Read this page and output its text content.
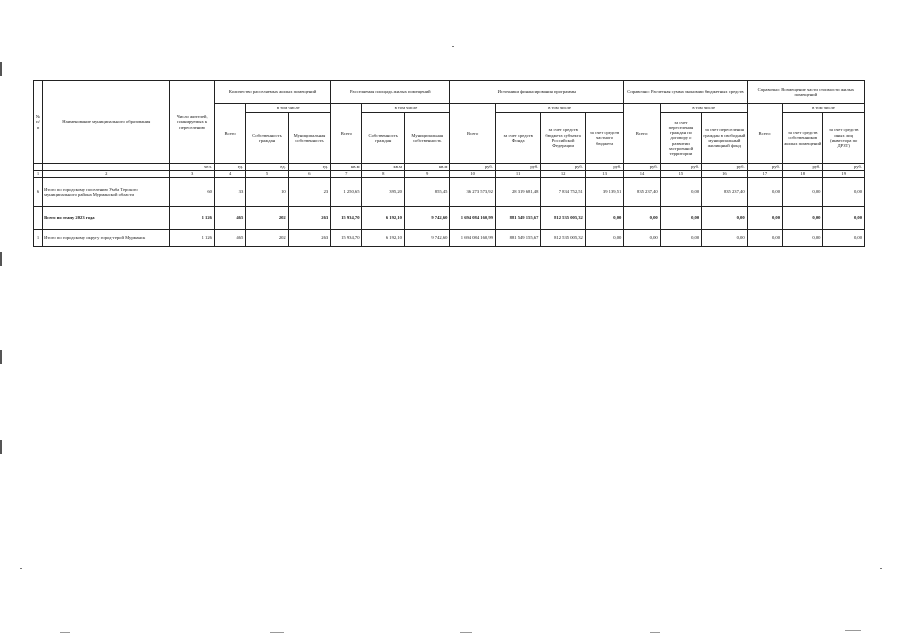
№ п/п	Наименование муниципального образования	Число жителей, планируемых к переселению	Количество расселяемых жилых помещений			Расселяемая площадь жилых помещений			Источники финансирования программы				Справочно: Расчетная сумма экономии бюджетных средств			Справочно: Возмещение части стоимости жилых помещений		
			Всего	в том числе		Всего	в том числе		Всего	в том числе			Всего:	в том числе		Всего:	в том числе	
				Собственность граждан	Муниципальная собственность		Собственность граждан	Муниципальная собственность		за счет средств Фонда	за счет средств бюджета субъекта Российской Федерации	за счет средств частного бюджета		за счет переселения граждан по договору о развитии застроенной территории	за счет переселения граждан в свободный муниципальный жилищный фонд		за счет средств собственников жилых помещений	за счет средств иных лиц (инвестора по ДРЗТ)
		чел.	ед.	ед.	ед.	кв.м	кв.м	кв.м	руб.	руб.	руб.	руб.	руб.	руб.	руб.	руб.	руб.	руб.
1	2	3	4	5	6	7	8	9	10	11	12	13	14	15	16	17	18	19
6	Итого по городскому поселению Умба Терского муниципального района Мурманской области	60	33	10	23	1 250,65	395,20	855,45	36 273 573,92	28 319 681,48	7 834 752,51	39 139,51	835 237,40	0,00	835 237,40	0,00	0,00	0,00
	Всего по этапу 2023 года	1 126	465	202	263	15 934,70	6 192,10	9 742,60	1 694 084 160,99	881 549 155,67	812 535 005,32	0,00	0,00	0,00	0,00	0,00	0,00	0,00
1	Итого по городскому округу город-герой Мурманск	1 126	465	202	263	15 934,70	6 192,10	9 742,60	1 694 084 160,99	881 549 155,67	812 535 005,32	0,00	0,00	0,00	0,00	0,00	0,00	0,00
